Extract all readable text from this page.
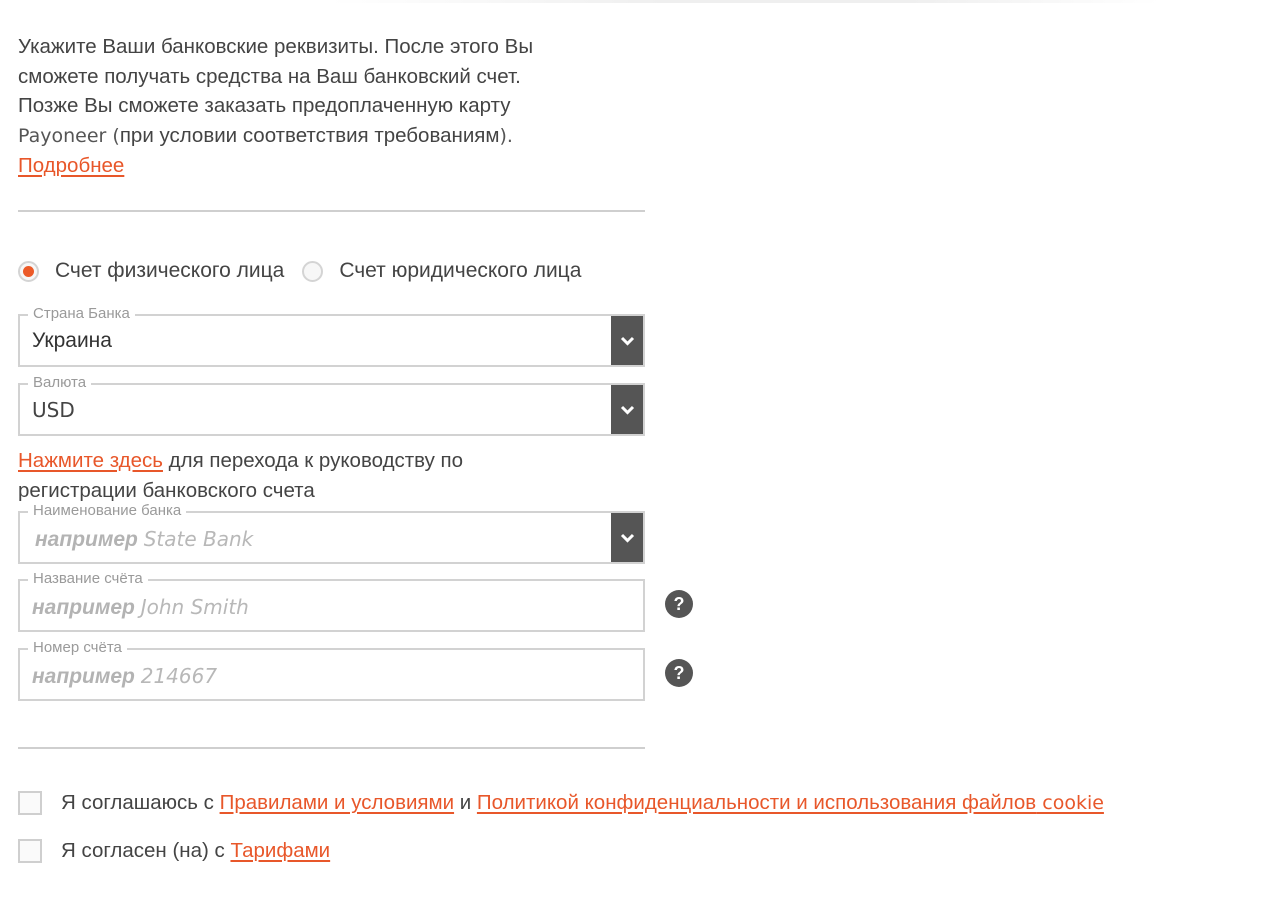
Укажите Ваши банковские реквизиты. После этого Вы
сможете получать средства на Ваш банковский счет.
Позже Вы сможете заказать предоплаченную карту
Payoneer (при условии соответствия требованиям).
Подробнее
Счет физического лица	Счет юридического лица
Страна Банка
Украина
Валюта
USD
Нажмите здесь для перехода к руководству по
регистрации банковского счета
Наименование банка
например State Bank
Название счёта
например John Smith	?
Номер счёта
например 214667	?
Я соглашаюсь с Правилами и условиями и Политикой конфиденциальности и использования файлов cookie
Я согласен (на) с Тарифами
